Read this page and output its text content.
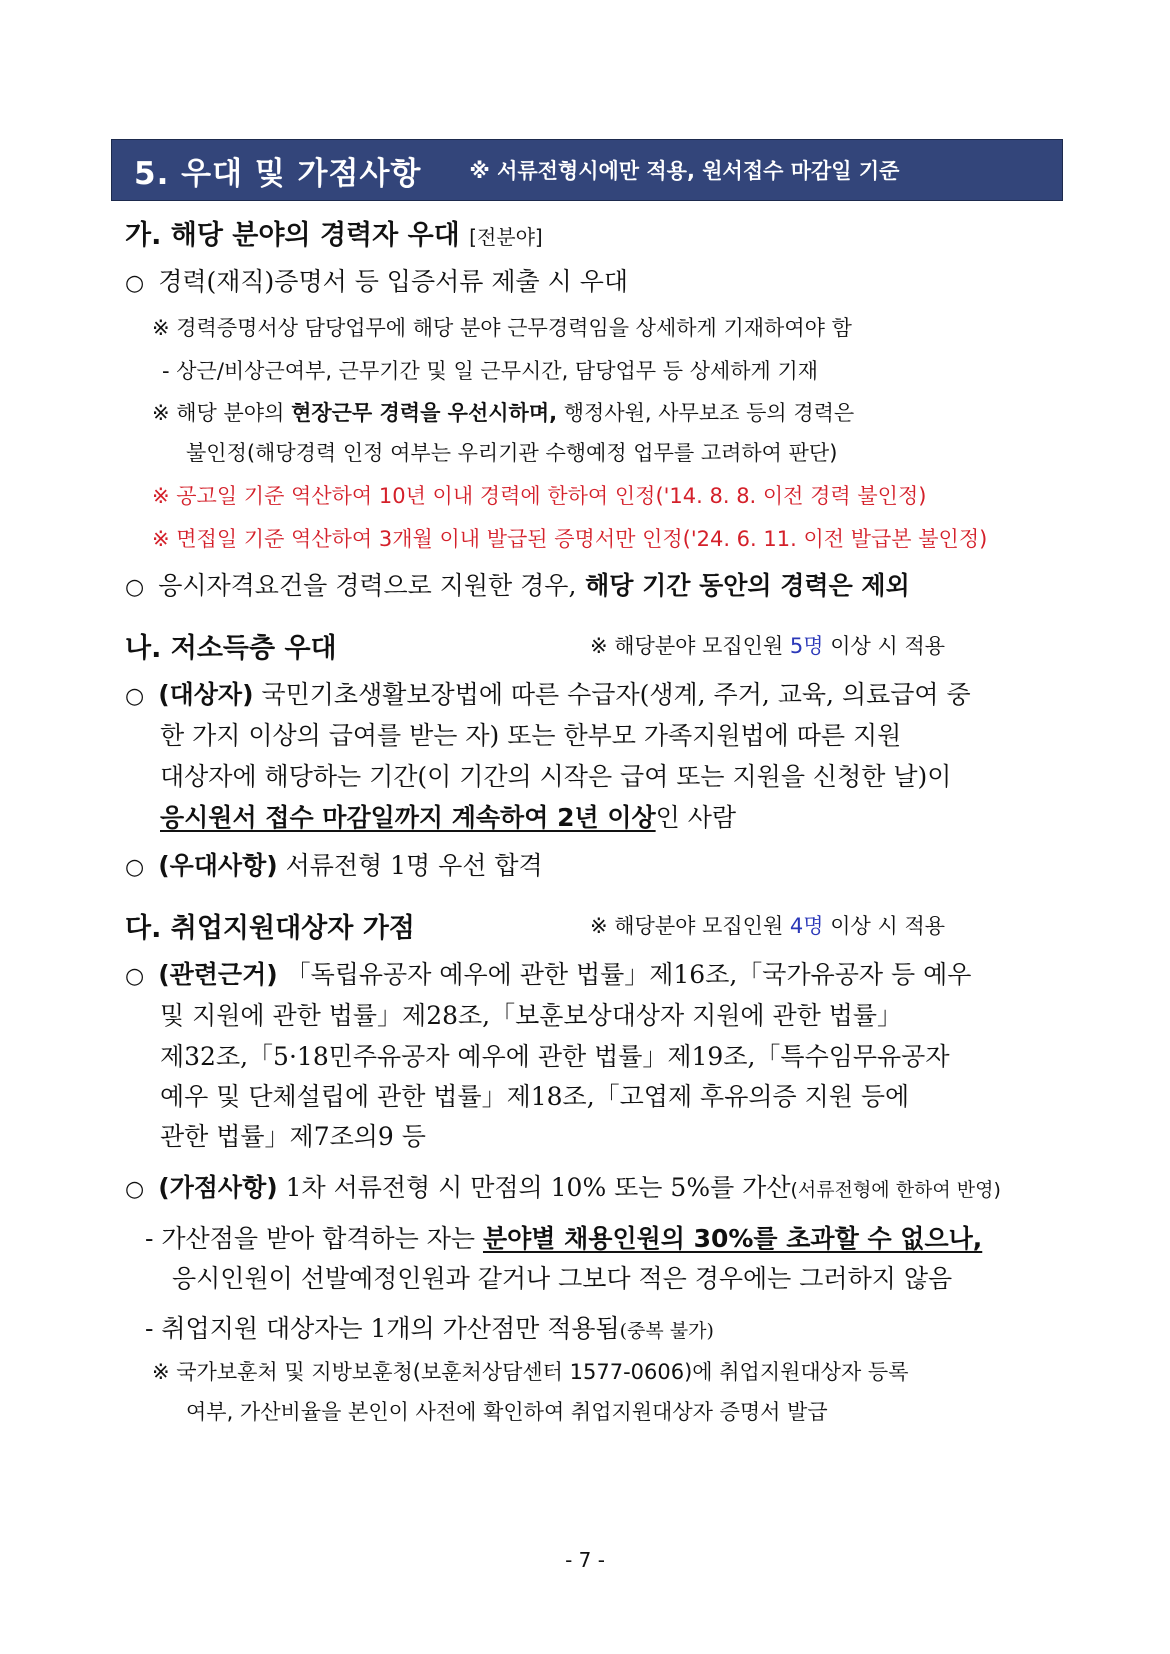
5. 우대 및 가점사항 ※ 서류전형시에만 적용, 원서접수 마감일 기준
가. 해당 분야의 경력자 우대 [전분야]
○ 경력(재직)증명서 등 입증서류 제출 시 우대
※ 경력증명서상 담당업무에 해당 분야 근무경력임을 상세하게 기재하여야 함
- 상근/비상근여부, 근무기간 및 일 근무시간, 담당업무 등 상세하게 기재
※ 해당 분야의 현장근무 경력을 우선시하며, 행정사원, 사무보조 등의 경력은
불인정(해당경력 인정 여부는 우리기관 수행예정 업무를 고려하여 판단)
※ 공고일 기준 역산하여 10년 이내 경력에 한하여 인정('14. 8. 8. 이전 경력 불인정)
※ 면접일 기준 역산하여 3개월 이내 발급된 증명서만 인정('24. 6. 11. 이전 발급본 불인정)
○ 응시자격요건을 경력으로 지원한 경우, 해당 기간 동안의 경력은 제외
나. 저소득층 우대	※ 해당분야 모집인원 5명 이상 시 적용
○ (대상자) 국민기초생활보장법에 따른 수급자(생계, 주거, 교육, 의료급여 중
한 가지 이상의 급여를 받는 자) 또는 한부모 가족지원법에 따른 지원
대상자에 해당하는 기간(이 기간의 시작은 급여 또는 지원을 신청한 날)이
응시원서 접수 마감일까지 계속하여 2년 이상인 사람
○ (우대사항) 서류전형 1명 우선 합격
다. 취업지원대상자 가점	※ 해당분야 모집인원 4명 이상 시 적용
○ (관련근거) 「독립유공자 예우에 관한 법률」제16조,「국가유공자 등 예우
및 지원에 관한 법률」제28조,「보훈보상대상자 지원에 관한 법률」
제32조,「5·18민주유공자 예우에 관한 법률」제19조,「특수임무유공자
예우 및 단체설립에 관한 법률」제18조,「고엽제 후유의증 지원 등에
관한 법률」제7조의9 등
○ (가점사항) 1차 서류전형 시 만점의 10% 또는 5%를 가산(서류전형에 한하여 반영)
- 가산점을 받아 합격하는 자는 분야별 채용인원의 30%를 초과할 수 없으나,
응시인원이 선발예정인원과 같거나 그보다 적은 경우에는 그러하지 않음
- 취업지원 대상자는 1개의 가산점만 적용됨(중복 불가)
※ 국가보훈처 및 지방보훈청(보훈처상담센터 1577-0606)에 취업지원대상자 등록
여부, 가산비율을 본인이 사전에 확인하여 취업지원대상자 증명서 발급
- 7 -
